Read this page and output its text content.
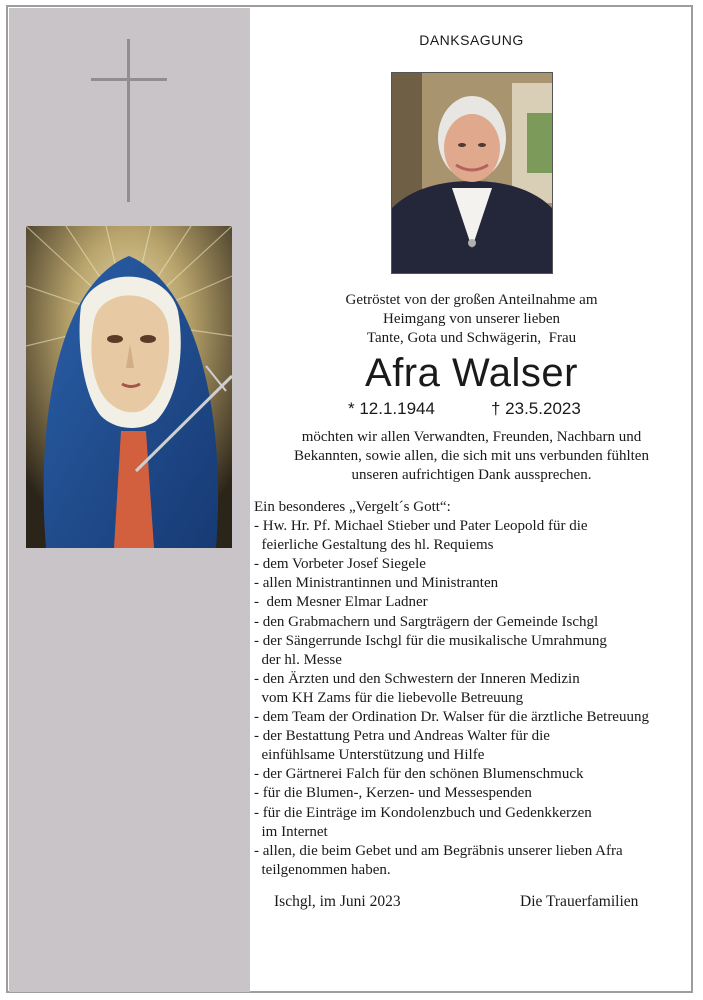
DANKSAGUNG
Getröstet von der großen Anteilnahme am
Heimgang von unserer lieben
Tante, Gota und Schwägerin,  Frau
Afra Walser
* 12.1.1944	† 23.5.2023
möchten wir allen Verwandten, Freunden, Nachbarn und
Bekannten, sowie allen, die sich mit uns verbunden fühlten
unseren aufrichtigen Dank aussprechen.
Ein besonderes „Vergelt´s Gott“:
- Hw. Hr. Pf. Michael Stieber und Pater Leopold für die
feierliche Gestaltung des hl. Requiems
- dem Vorbeter Josef Siegele
- allen Ministrantinnen und Ministranten
-  dem Mesner Elmar Ladner
- den Grabmachern und Sargträgern der Gemeinde Ischgl
- der Sängerrunde Ischgl für die musikalische Umrahmung
der hl. Messe
- den Ärzten und den Schwestern der Inneren Medizin
vom KH Zams für die liebevolle Betreuung
- dem Team der Ordination Dr. Walser für die ärztliche Betreuung
- der Bestattung Petra und Andreas Walter für die
einfühlsame Unterstützung und Hilfe
- der Gärtnerei Falch für den schönen Blumenschmuck
- für die Blumen-, Kerzen- und Messespenden
- für die Einträge im Kondolenzbuch und Gedenkkerzen
im Internet
- allen, die beim Gebet und am Begräbnis unserer lieben Afra
teilgenommen haben.
Ischgl, im Juni 2023	Die Trauerfamilien
